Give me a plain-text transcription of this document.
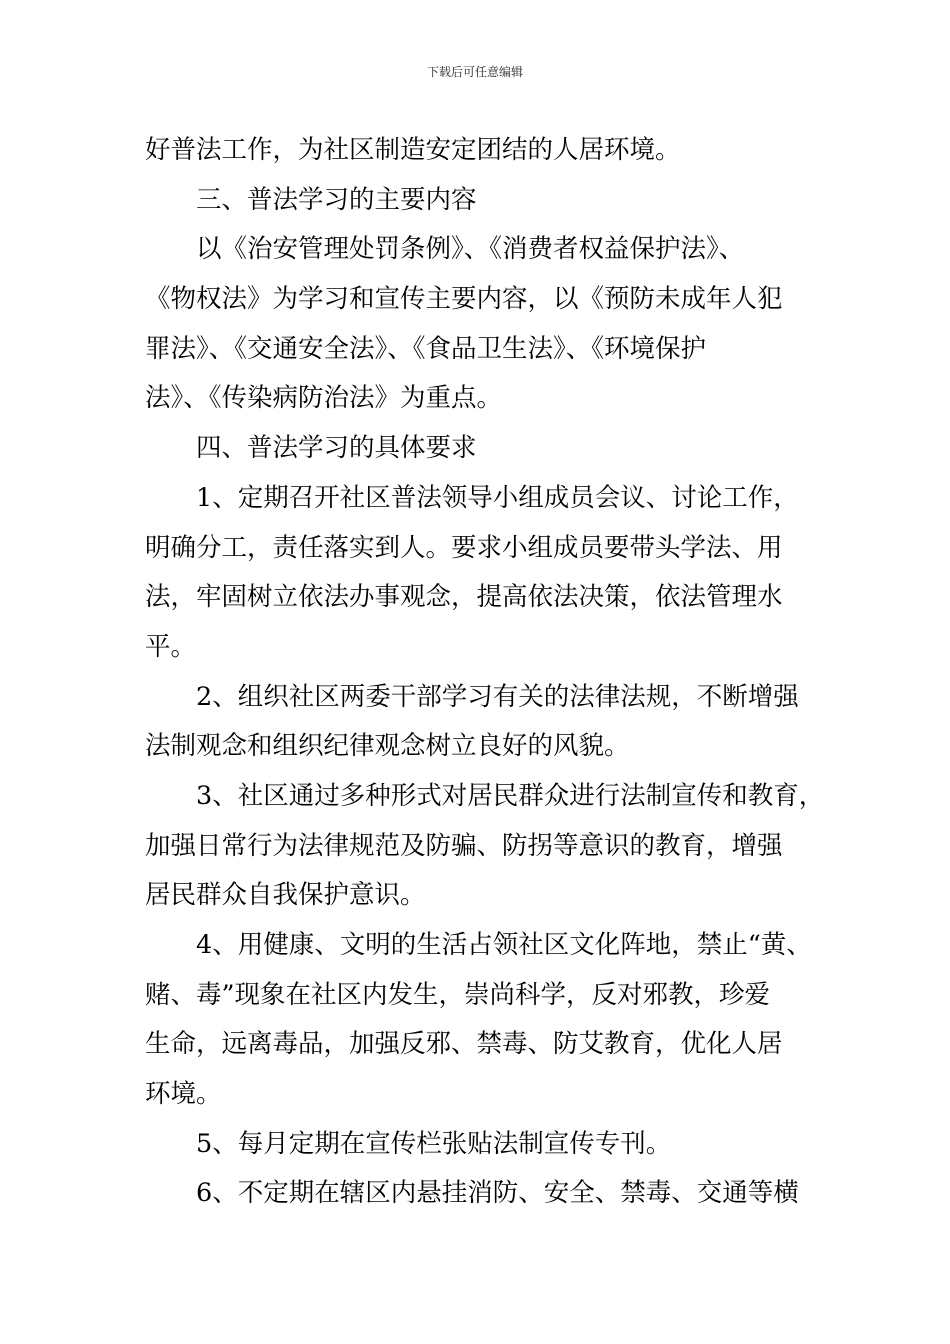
下载后可任意编辑
好普法工作，为社区制造安定团结的人居环境。
三、普法学习的主要内容
以《治安管理处罚条例》、《消费者权益保护法》、
《物权法》为学习和宣传主要内容，以《预防未成年人犯
罪法》、《交通安全法》、《食品卫生法》、《环境保护
法》、《传染病防治法》为重点。
四、普法学习的具体要求
1、定期召开社区普法领导小组成员会议、讨论工作，
明确分工，责任落实到人。要求小组成员要带头学法、用
法，牢固树立依法办事观念，提高依法决策，依法管理水
平。
2、组织社区两委干部学习有关的法律法规，不断增强
法制观念和组织纪律观念树立良好的风貌。
3、社区通过多种形式对居民群众进行法制宣传和教育，
加强日常行为法律规范及防骗、防拐等意识的教育，增强
居民群众自我保护意识。
4、用健康、文明的生活占领社区文化阵地，禁止“黄、
赌、毒”现象在社区内发生，崇尚科学，反对邪教，珍爱
生命，远离毒品，加强反邪、禁毒、防艾教育，优化人居
环境。
5、每月定期在宣传栏张贴法制宣传专刊。
6、不定期在辖区内悬挂消防、安全、禁毒、交通等横
